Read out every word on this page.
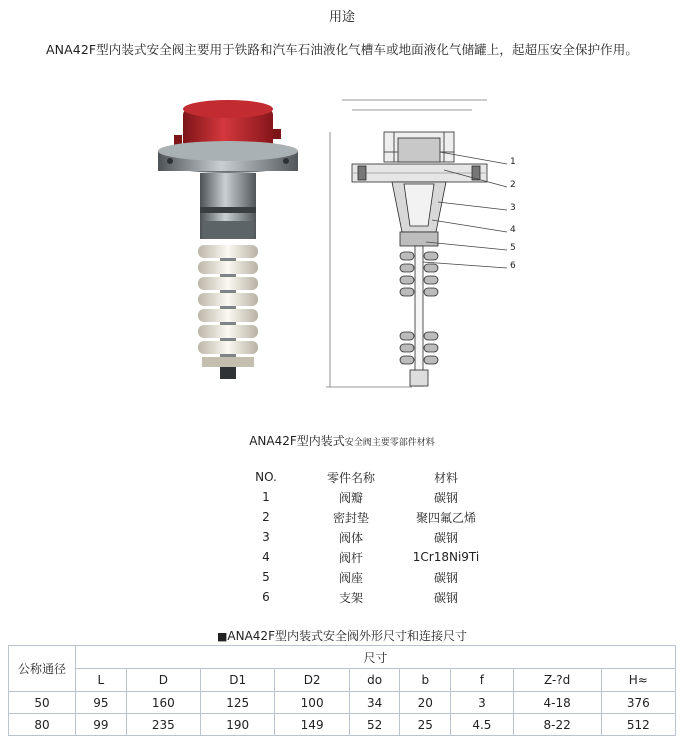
用途
ANA42F型内装式安全阀主要用于铁路和汽车石油液化气槽车或地面液化气储罐上，起超压安全保护作用。
1
2
3
4
5
6
ANA42F型内装式安全阀主要零部件材料
NO.	零件名称	材料
1	阀瓣	碳钢
2	密封垫	聚四氟乙烯
3	阀体	碳钢
4	阀杆	1Cr18Ni9Ti
5	阀座	碳钢
6	支架	碳钢
■ANA42F型内装式安全阀外形尺寸和连接尺寸
公称通径	尺寸								
	L	D	D1	D2	do	b	f	Z-?d	H≈
50	95	160	125	100	34	20	3	4-18	376
80	99	235	190	149	52	25	4.5	8-22	512
